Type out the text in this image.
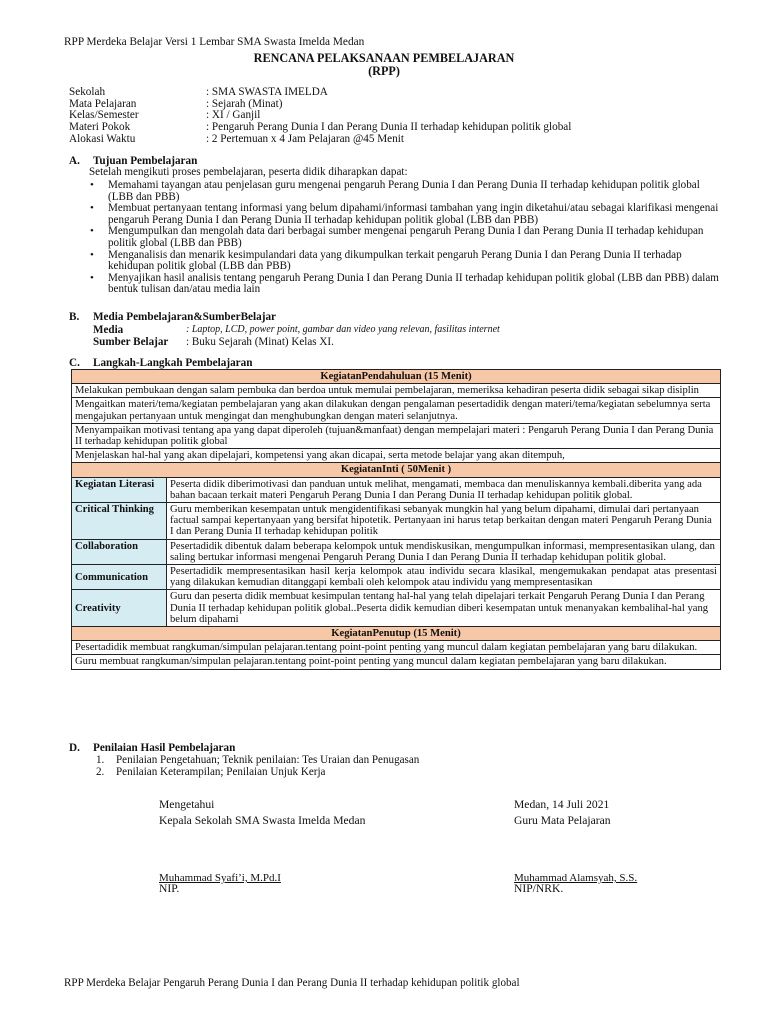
RPP Merdeka Belajar Versi 1 Lembar SMA Swasta Imelda Medan
RENCANA PELAKSANAAN PEMBELAJARAN
(RPP)
Sekolah	: SMA SWASTA IMELDA
Mata Pelajaran	: Sejarah (Minat)
Kelas/Semester	: XI / Ganjil
Materi Pokok	: Pengaruh Perang Dunia I dan Perang Dunia II terhadap kehidupan politik global
Alokasi Waktu	: 2 Pertemuan x 4 Jam Pelajaran @45 Menit
A. Tujuan Pembelajaran
Setelah mengikuti proses pembelajaran, peserta didik diharapkan dapat:
• Memahami tayangan atau penjelasan guru mengenai pengaruh Perang Dunia I dan Perang Dunia II terhadap kehidupan politik global (LBB dan PBB)
• Membuat pertanyaan tentang informasi yang belum dipahami/informasi tambahan yang ingin diketahui/atau sebagai klarifikasi mengenai pengaruh Perang Dunia I dan Perang Dunia II terhadap kehidupan politik global (LBB dan PBB)
• Mengumpulkan dan mengolah data dari berbagai sumber mengenai pengaruh Perang Dunia I dan Perang Dunia II terhadap kehidupan politik global (LBB dan PBB)
• Menganalisis dan menarik kesimpulandari data yang dikumpulkan terkait pengaruh Perang Dunia I dan Perang Dunia II terhadap kehidupan politik global (LBB dan PBB)
• Menyajikan hasil analisis tentang pengaruh Perang Dunia I dan Perang Dunia II terhadap kehidupan politik global (LBB dan PBB) dalam bentuk tulisan dan/atau media lain
B. Media Pembelajaran&SumberBelajar
Media	: Laptop, LCD, power point, gambar dan video yang relevan, fasilitas internet
Sumber Belajar	: Buku Sejarah (Minat) Kelas XI.
C. Langkah-Langkah Pembelajaran
KegiatanPendahuluan (15 Menit)	
Melakukan pembukaan dengan salam pembuka dan berdoa untuk memulai pembelajaran, memeriksa kehadiran peserta didik sebagai sikap disiplin	
Mengaitkan materi/tema/kegiatan pembelajaran yang akan dilakukan dengan pengalaman pesertadidik dengan materi/tema/kegiatan sebelumnya serta mengajukan pertanyaan untuk mengingat dan menghubungkan dengan materi selanjutnya.	
Menyampaikan motivasi tentang apa yang dapat diperoleh (tujuan&manfaat) dengan mempelajari materi : Pengaruh Perang Dunia I dan Perang Dunia II terhadap kehidupan politik global	
Menjelaskan hal-hal yang akan dipelajari, kompetensi yang akan dicapai, serta metode belajar yang akan ditempuh,	
KegiatanInti ( 50Menit )	
Kegiatan Literasi	Peserta didik diberimotivasi dan panduan untuk melihat, mengamati, membaca dan menuliskannya kembali.diberita yang ada bahan bacaan terkait materi Pengaruh Perang Dunia I dan Perang Dunia II terhadap kehidupan politik global.
Critical Thinking	Guru memberikan kesempatan untuk mengidentifikasi sebanyak mungkin hal yang belum dipahami, dimulai dari pertanyaan factual sampai kepertanyaan yang bersifat hipotetik. Pertanyaan ini harus tetap berkaitan dengan materi Pengaruh Perang Dunia I dan Perang Dunia II terhadap kehidupan politik
Collaboration	Pesertadidik dibentuk dalam beberapa kelompok untuk mendiskusikan, mengumpulkan informasi, mempresentasikan ulang, dan saling bertukar informasi mengenai Pengaruh Perang Dunia I dan Perang Dunia II terhadap kehidupan politik global.
Communication	Pesertadidik mempresentasikan hasil kerja kelompok atau individu secara klasikal, mengemukakan pendapat atas presentasi yang dilakukan kemudian ditanggapi kembali oleh kelompok atau individu yang mempresentasikan
Creativity	Guru dan peserta didik membuat kesimpulan tentang hal-hal yang telah dipelajari terkait Pengaruh Perang Dunia I dan Perang Dunia II terhadap kehidupan politik global..Peserta didik kemudian diberi kesempatan untuk menanyakan kembalihal-hal yang belum dipahami
KegiatanPenutup (15 Menit)	
Pesertadidik membuat rangkuman/simpulan pelajaran.tentang point-point penting yang muncul dalam kegiatan pembelajaran yang baru dilakukan.	
Guru membuat rangkuman/simpulan pelajaran.tentang point-point penting yang muncul dalam kegiatan pembelajaran yang baru dilakukan.	
D. Penilaian Hasil Pembelajaran
1. Penilaian Pengetahuan; Teknik penilaian: Tes Uraian dan Penugasan
2. Penilaian Keterampilan; Penilaian Unjuk Kerja
Mengetahui
Kepala Sekolah SMA Swasta Imelda Medan
Medan, 14 Juli 2021
Guru Mata Pelajaran
Muhammad Syafi’i, M.Pd.I
NIP.
Muhammad Alamsyah, S.S.
NIP/NRK.
RPP Merdeka Belajar Pengaruh Perang Dunia I dan Perang Dunia II terhadap kehidupan politik global
